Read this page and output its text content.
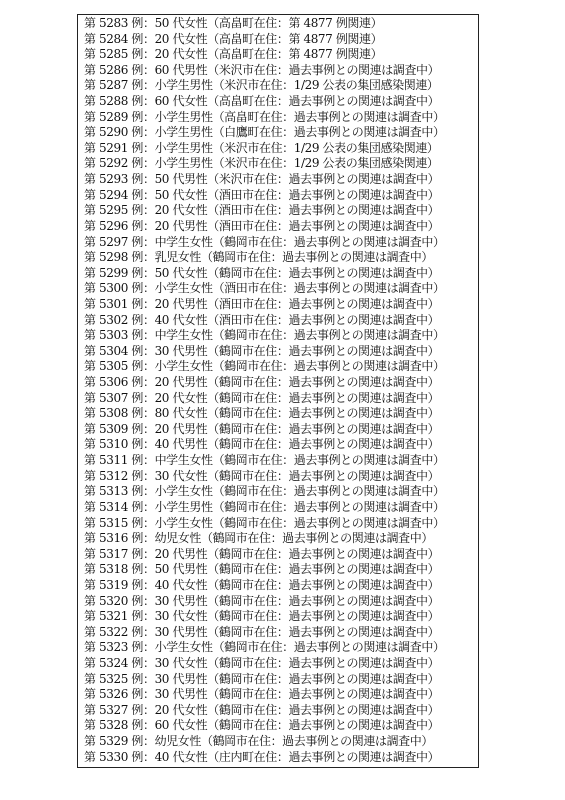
第 5283 例：50 代女性（高畠町在住：第 4877 例関連）
第 5284 例：20 代女性（高畠町在住：第 4877 例関連）
第 5285 例：20 代女性（高畠町在住：第 4877 例関連）
第 5286 例：60 代男性（米沢市在住：過去事例との関連は調査中）
第 5287 例：小学生男性（米沢市在住：1/29 公表の集団感染関連）
第 5288 例：60 代女性（高畠町在住：過去事例との関連は調査中）
第 5289 例：小学生男性（高畠町在住：過去事例との関連は調査中）
第 5290 例：小学生男性（白鷹町在住：過去事例との関連は調査中）
第 5291 例：小学生男性（米沢市在住：1/29 公表の集団感染関連）
第 5292 例：小学生男性（米沢市在住：1/29 公表の集団感染関連）
第 5293 例：50 代男性（米沢市在住：過去事例との関連は調査中）
第 5294 例：50 代女性（酒田市在住：過去事例との関連は調査中）
第 5295 例：20 代女性（酒田市在住：過去事例との関連は調査中）
第 5296 例：20 代男性（酒田市在住：過去事例との関連は調査中）
第 5297 例：中学生女性（鶴岡市在住：過去事例との関連は調査中）
第 5298 例：乳児女性（鶴岡市在住：過去事例との関連は調査中）
第 5299 例：50 代女性（鶴岡市在住：過去事例との関連は調査中）
第 5300 例：小学生女性（酒田市在住：過去事例との関連は調査中）
第 5301 例：20 代男性（酒田市在住：過去事例との関連は調査中）
第 5302 例：40 代女性（酒田市在住：過去事例との関連は調査中）
第 5303 例：中学生女性（鶴岡市在住：過去事例との関連は調査中）
第 5304 例：30 代男性（鶴岡市在住：過去事例との関連は調査中）
第 5305 例：小学生女性（鶴岡市在住：過去事例との関連は調査中）
第 5306 例：20 代男性（鶴岡市在住：過去事例との関連は調査中）
第 5307 例：20 代女性（鶴岡市在住：過去事例との関連は調査中）
第 5308 例：80 代女性（鶴岡市在住：過去事例との関連は調査中）
第 5309 例：20 代男性（鶴岡市在住：過去事例との関連は調査中）
第 5310 例：40 代男性（鶴岡市在住：過去事例との関連は調査中）
第 5311 例：中学生女性（鶴岡市在住：過去事例との関連は調査中）
第 5312 例：30 代女性（鶴岡市在住：過去事例との関連は調査中）
第 5313 例：小学生女性（鶴岡市在住：過去事例との関連は調査中）
第 5314 例：小学生男性（鶴岡市在住：過去事例との関連は調査中）
第 5315 例：小学生女性（鶴岡市在住：過去事例との関連は調査中）
第 5316 例：幼児女性（鶴岡市在住：過去事例との関連は調査中）
第 5317 例：20 代男性（鶴岡市在住：過去事例との関連は調査中）
第 5318 例：50 代男性（鶴岡市在住：過去事例との関連は調査中）
第 5319 例：40 代女性（鶴岡市在住：過去事例との関連は調査中）
第 5320 例：30 代男性（鶴岡市在住：過去事例との関連は調査中）
第 5321 例：30 代女性（鶴岡市在住：過去事例との関連は調査中）
第 5322 例：30 代男性（鶴岡市在住：過去事例との関連は調査中）
第 5323 例：小学生女性（鶴岡市在住：過去事例との関連は調査中）
第 5324 例：30 代女性（鶴岡市在住：過去事例との関連は調査中）
第 5325 例：30 代男性（鶴岡市在住：過去事例との関連は調査中）
第 5326 例：30 代男性（鶴岡市在住：過去事例との関連は調査中）
第 5327 例：20 代女性（鶴岡市在住：過去事例との関連は調査中）
第 5328 例：60 代女性（鶴岡市在住：過去事例との関連は調査中）
第 5329 例：幼児女性（鶴岡市在住：過去事例との関連は調査中）
第 5330 例：40 代女性（庄内町在住：過去事例との関連は調査中）
